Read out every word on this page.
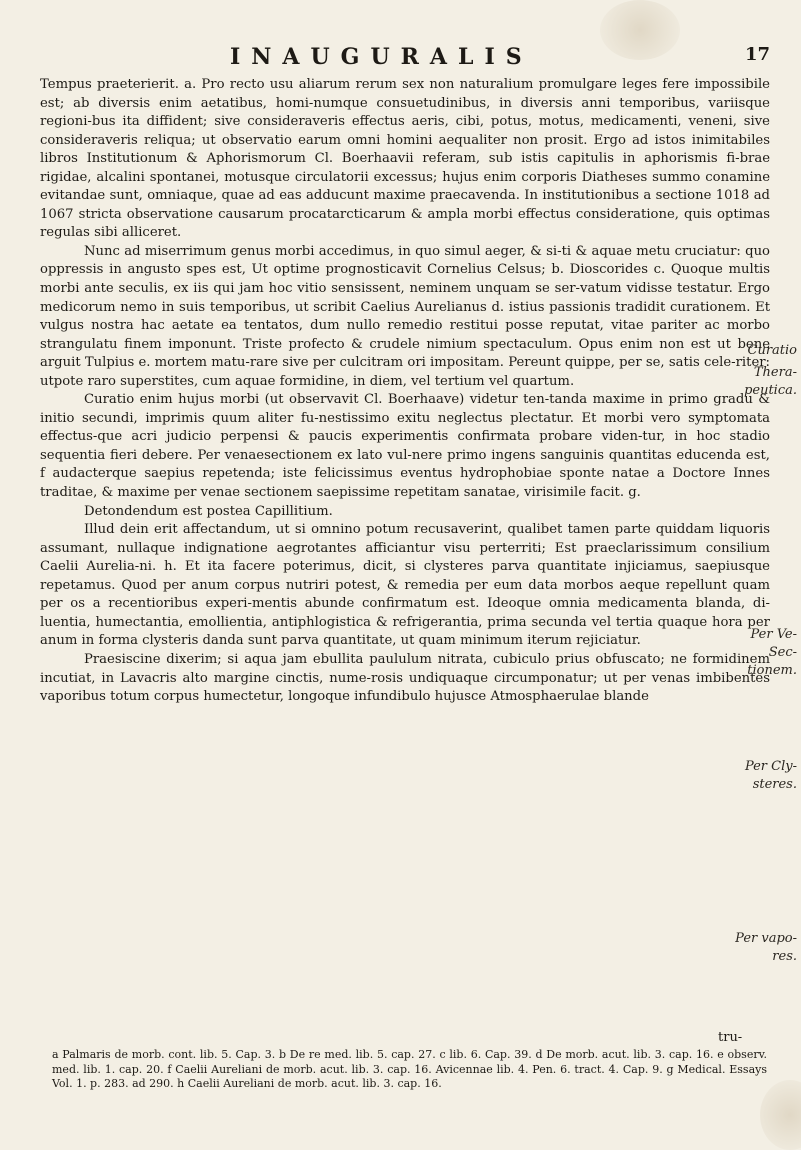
INAUGURALIS	17

Tempus praeterierit. a. Pro recto usu aliarum rerum sex non naturalium promulgare leges fere impossibile est; ab diversis enim aetatibus, homi-numque consuetudinibus, in diversis anni temporibus, variisque regioni-bus ita diffident; sive consideraveris effectus aeris, cibi, potus, motus, medicamenti, veneni, sive consideraveris reliqua; ut observatio earum omni homini aequaliter non prosit. Ergo ad istos inimitabiles libros Institutionum & Aphorismorum Cl. Boerhaavii referam, sub istis capitulis in aphorismis fi-brae rigidae, alcalini spontanei, motusque circulatorii excessus; hujus enim corporis Diatheses summo conamine evitandae sunt, omniaque, quae ad eas adducunt maxime praecavenda. In institutionibus a sectione 1018 ad 1067 stricta observatione causarum procatarcticarum & ampla morbi effectus consideratione, quis optimas regulas sibi alliceret.

Nunc ad miserrimum genus morbi accedimus, in quo simul aeger, & si-ti & aquae metu cruciatur: quo oppressis in angusto spes est, Ut optime prognosticavit Cornelius Celsus; b. Dioscorides c. Quoque multis morbi ante seculis, ex iis qui jam hoc vitio sensissent, neminem unquam se ser-vatum vidisse testatur. Ergo medicorum nemo in suis temporibus, ut scribit Caelius Aurelianus d. istius passionis tradidit curationem. Et vulgus nostra hac aetate ea tentatos, dum nullo remedio restitui posse reputat, vitae pariter ac morbo strangulatu finem imponunt. Triste profecto & crudele nimium spectaculum. Opus enim non est ut bene arguit Tulpius e. mortem matu-rare sive per culcitram ori impositam. Pereunt quippe, per se, satis cele-riter: utpote raro superstites, cum aquae formidine, in diem, vel tertium vel quartum.

Curatio enim hujus morbi (ut observavit Cl. Boerhaave) videtur ten-tanda maxime in primo gradu & initio secundi, imprimis quum aliter fu-nestissimo exitu neglectus plectatur. Et morbi vero symptomata effectus-que acri judicio perpensi & paucis experimentis confirmata probare viden-tur, in hoc stadio sequentia fieri debere. Per venaesectionem ex lato vul-nere primo ingens sanguinis quantitas educenda est, f audacterque saepius repetenda; iste felicissimus eventus hydrophobiae sponte natae a Doctore Innes traditae, & maxime per venae sectionem saepissime repetitam sanatae, virisimile facit. g.

Detondendum est postea Capillitium.

Illud dein erit affectandum, ut si omnino potum recusaverint, qualibet tamen parte quiddam liquoris assumant, nullaque indignatione aegrotantes afficiantur visu perterriti; Est praeclarissimum consilium Caelii Aurelia-ni. h. Et ita facere poterimus, dicit, si clysteres parva quantitate injiciamus, saepiusque repetamus. Quod per anum corpus nutriri potest, & remedia per eum data morbos aeque repellunt quam per os a recentioribus experi-mentis abunde confirmatum est. Ideoque omnia medicamenta blanda, di-luentia, humectantia, emollientia, antiphlogistica & refrigerantia, prima secunda vel tertia quaque hora per anum in forma clysteris danda sunt parva quantitate, ut quam minimum iterum rejiciatur.

Praesiscine dixerim; si aqua jam ebullita paululum nitrata, cubiculo prius obfuscato; ne formidinem incutiat, in Lavacris alto margine cinctis, nume-rosis undiquaque circumponatur; ut per venas imbibentes vaporibus totum corpus humectetur, longoque infundibulo hujusce Atmosphaerulae blande

Curatio
Thera-
peutica.
Per Ve-
Sec-
tionem.
Per Cly-
steres.
Per vapo-
res.
tru-

a Palmaris de morb. cont. lib. 5. Cap. 3. b De re med. lib. 5. cap. 27. c lib. 6. Cap. 39. d De morb. acut. lib. 3. cap. 16. e observ. med. lib. 1. cap. 20. f Caelii Aureliani de morb. acut. lib. 3. cap. 16. Avicennae lib. 4. Pen. 6. tract. 4. Cap. 9. g Medical. Essays Vol. 1. p. 283. ad 290. h Caelii Aureliani de morb. acut. lib. 3. cap. 16.
